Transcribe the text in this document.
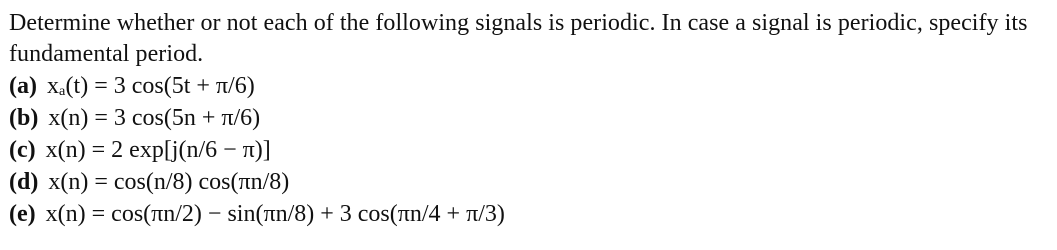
Determine whether or not each of the following signals is periodic. In case a signal is periodic, specify its fundamental period.

(a) xₐ(t) = 3 cos(5t + π/6)
(b) x(n) = 3 cos(5n + π/6)
(c) x(n) = 2 exp[j(n/6 − π)]
(d) x(n) = cos(n/8) cos(πn/8)
(e) x(n) = cos(πn/2) − sin(πn/8) + 3 cos(πn/4 + π/3)
